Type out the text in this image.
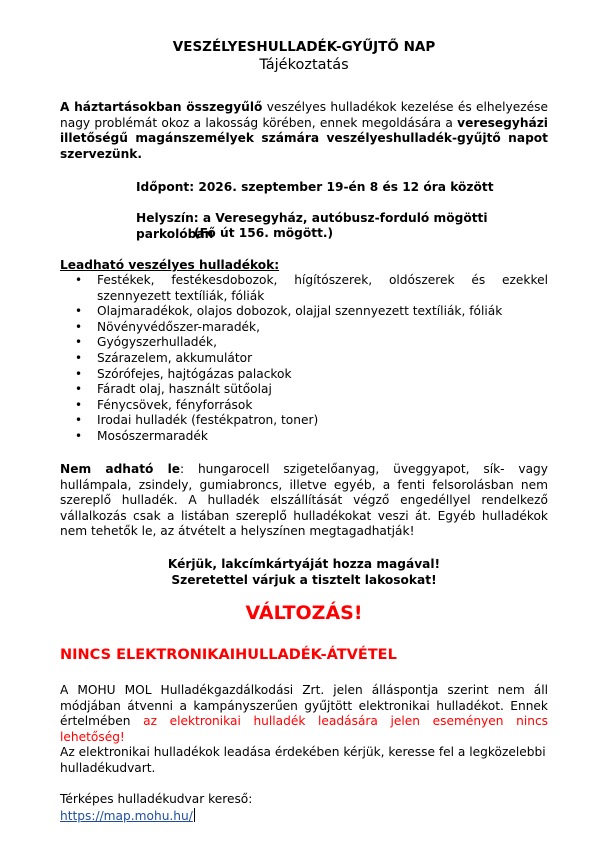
VESZÉLYESHULLADÉK-GYŰJTŐ NAP
Tájékoztatás

A háztartásokban összegyűlő veszélyes hulladékok kezelése és elhelyezése nagy problémát okoz a lakosság körében, ennek megoldására a veresegyházi illetőségű magánszemélyek számára veszélyeshulladék-gyűjtő napot szervezünk.

Időpont: 2026. szeptember 19-én 8 és 12 óra között
Helyszín: a Veresegyház, autóbusz-forduló mögötti parkolóban
(Fő út 156. mögött.)
Leadható veszélyes hulladékok:
• Festékek, festékesdobozok, hígítószerek, oldószerek és ezekkel szennyezett textíliák, fóliák
• Olajmaradékok, olajos dobozok, olajjal szennyezett textíliák, fóliák
• Növényvédőszer-maradék,
• Gyógyszerhulladék,
• Szárazelem, akkumulátor
• Szórófejes, hajtógázas palackok
• Fáradt olaj, használt sütőolaj
• Fénycsövek, fényforrások
• Irodai hulladék (festékpatron, toner)
• Mosószermaradék

Nem adható le: hungarocell szigetelőanyag, üveggyapot, sík- vagy hullámpala, zsindely, gumiabroncs, illetve egyéb, a fenti felsorolásban nem szereplő hulladék. A hulladék elszállítását végző engedéllyel rendelkező vállalkozás csak a listában szereplő hulladékokat veszi át. Egyéb hulladékok nem tehetők le, az átvételt a helyszínen megtagadhatják!

Kérjük, lakcímkártyáját hozza magával!
Szeretettel várjuk a tisztelt lakosokat!
VÁLTOZÁS!
NINCS ELEKTRONIKAIHULLADÉK-ÁTVÉTEL

A MOHU MOL Hulladékgazdálkodási Zrt. jelen álláspontja szerint nem áll módjában átvenni a kampányszerűen gyűjtött elektronikai hulladékot. Ennek értelmében az elektronikai hulladék leadására jelen eseményen nincs lehetőség!

Az elektronikai hulladékok leadása érdekében kérjük, keresse fel a legközelebbi hulladékudvart.

Térképes hulladékudvar kereső:
https://map.mohu.hu/
